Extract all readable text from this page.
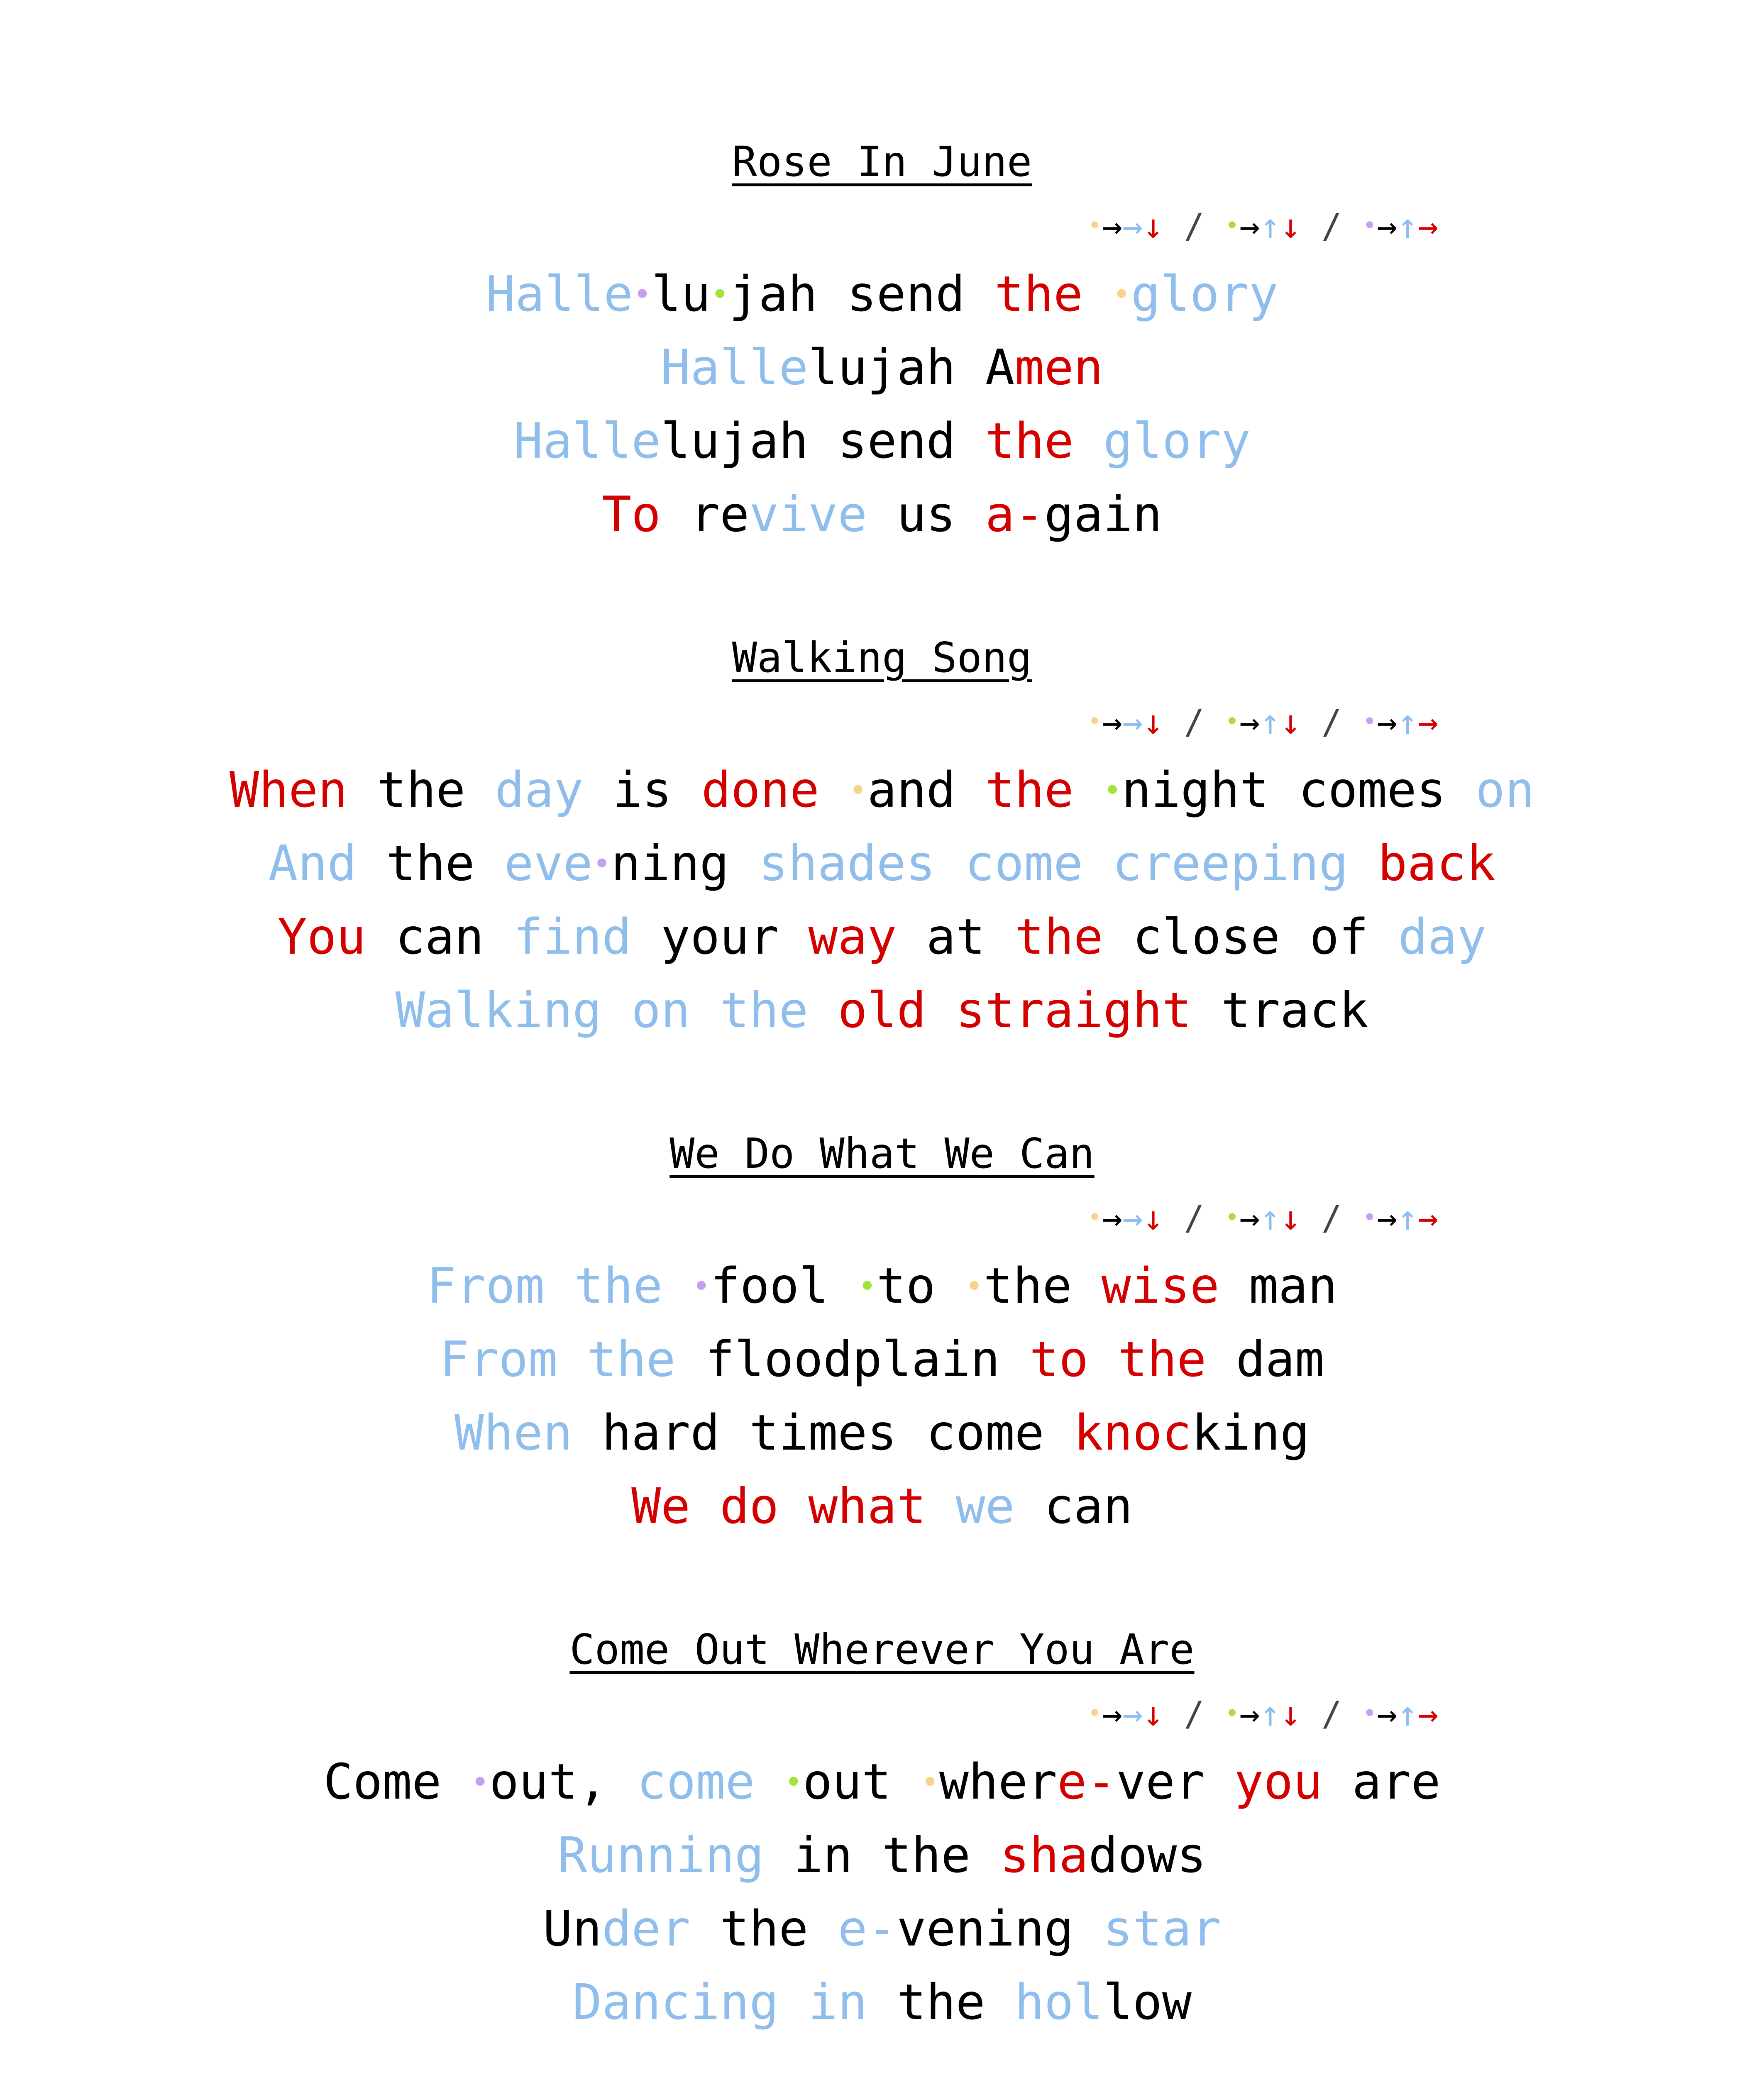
Rose In June
•→→↓ / •→↑↓ / •→↑→
Halle•lu•jah send the •glory
Hallelujah Amen
Hallelujah send the glory
To revive us a-gain
Walking Song
•→→↓ / •→↑↓ / •→↑→
When the day is done •and the •night comes on
And the eve•ning shades come creeping back
You can find your way at the close of day
Walking on the old straight track
We Do What We Can
•→→↓ / •→↑↓ / •→↑→
From the •fool •to •the wise man
From the floodplain to the dam
When hard times come knocking
We do what we can
Come Out Wherever You Are
•→→↓ / •→↑↓ / •→↑→
Come •out, come •out •where-ver you are
Running in the shadows
Under the e-vening star
Dancing in the hollow
